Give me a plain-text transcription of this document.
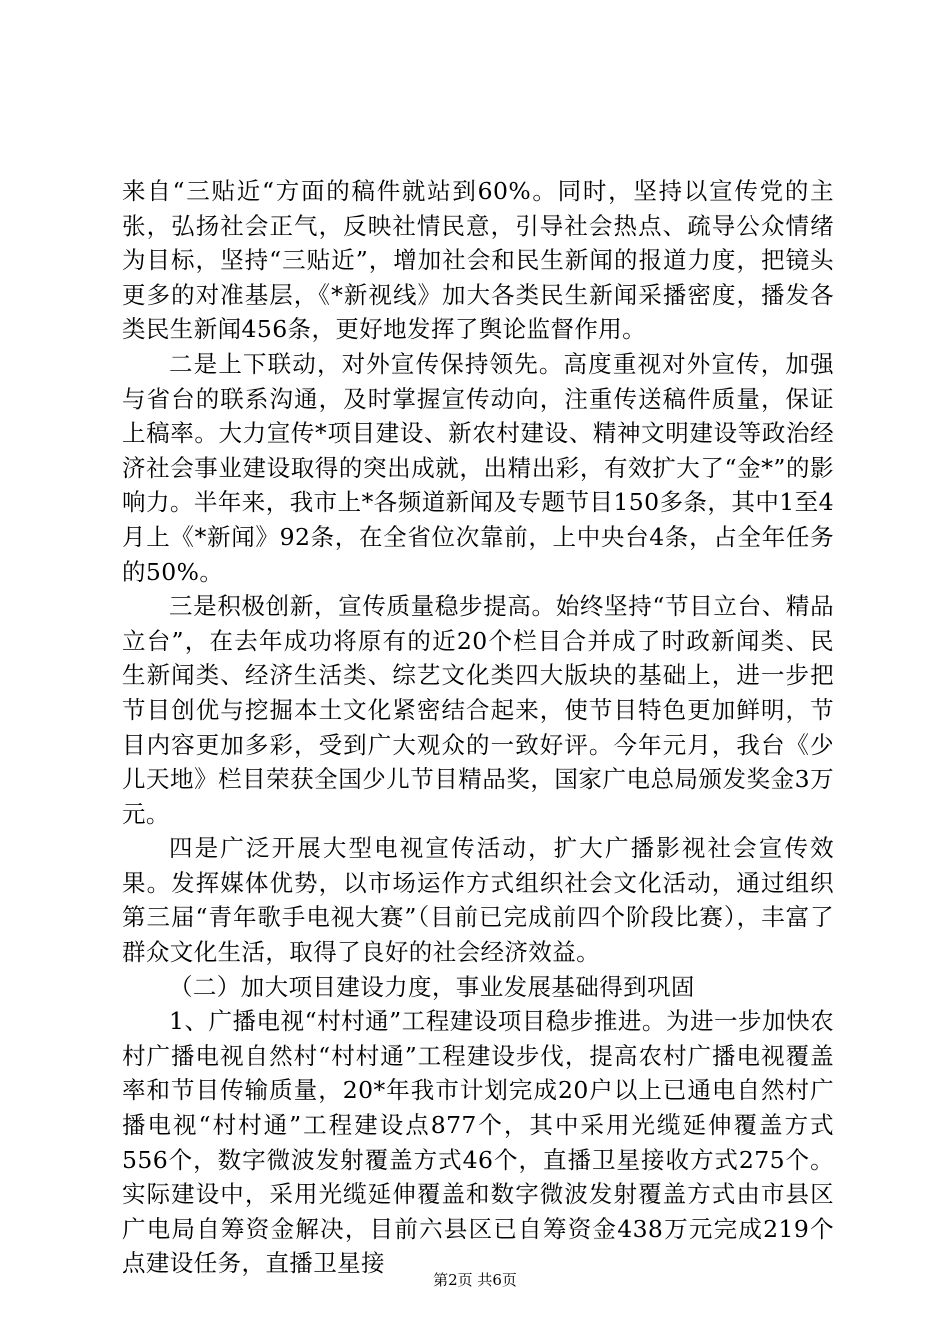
来自“三贴近“方面的稿件就站到60%。同时，坚持以宣传党的主张，弘扬社会正气，反映社情民意，引导社会热点、疏导公众情绪为目标，坚持“三贴近”，增加社会和民生新闻的报道力度，把镜头更多的对准基层，《*新视线》加大各类民生新闻采播密度，播发各类民生新闻456条，更好地发挥了舆论监督作用。

二是上下联动，对外宣传保持领先。高度重视对外宣传，加强与省台的联系沟通，及时掌握宣传动向，注重传送稿件质量，保证上稿率。大力宣传*项目建设、新农村建设、精神文明建设等政治经济社会事业建设取得的突出成就，出精出彩，有效扩大了“金*”的影响力。半年来，我市上*各频道新闻及专题节目150多条，其中1至4月上《*新闻》92条，在全省位次靠前，上中央台4条，占全年任务的50%。

三是积极创新，宣传质量稳步提高。始终坚持“节目立台、精品立台”，在去年成功将原有的近20个栏目合并成了时政新闻类、民生新闻类、经济生活类、综艺文化类四大版块的基础上，进一步把节目创优与挖掘本土文化紧密结合起来，使节目特色更加鲜明，节目内容更加多彩，受到广大观众的一致好评。今年元月，我台《少儿天地》栏目荣获全国少儿节目精品奖，国家广电总局颁发奖金3万元。

四是广泛开展大型电视宣传活动，扩大广播影视社会宣传效果。发挥媒体优势，以市场运作方式组织社会文化活动，通过组织第三届“青年歌手电视大赛”（目前已完成前四个阶段比赛），丰富了群众文化生活，取得了良好的社会经济效益。

（二）加大项目建设力度，事业发展基础得到巩固

1、广播电视“村村通”工程建设项目稳步推进。为进一步加快农村广播电视自然村“村村通”工程建设步伐，提高农村广播电视覆盖率和节目传输质量，20*年我市计划完成20户以上已通电自然村广播电视“村村通”工程建设点877个，其中采用光缆延伸覆盖方式556个，数字微波发射覆盖方式46个，直播卫星接收方式275个。实际建设中，采用光缆延伸覆盖和数字微波发射覆盖方式由市县区广电局自筹资金解决，目前六县区已自筹资金438万元完成219个点建设任务，直播卫星接

第2页 共6页
